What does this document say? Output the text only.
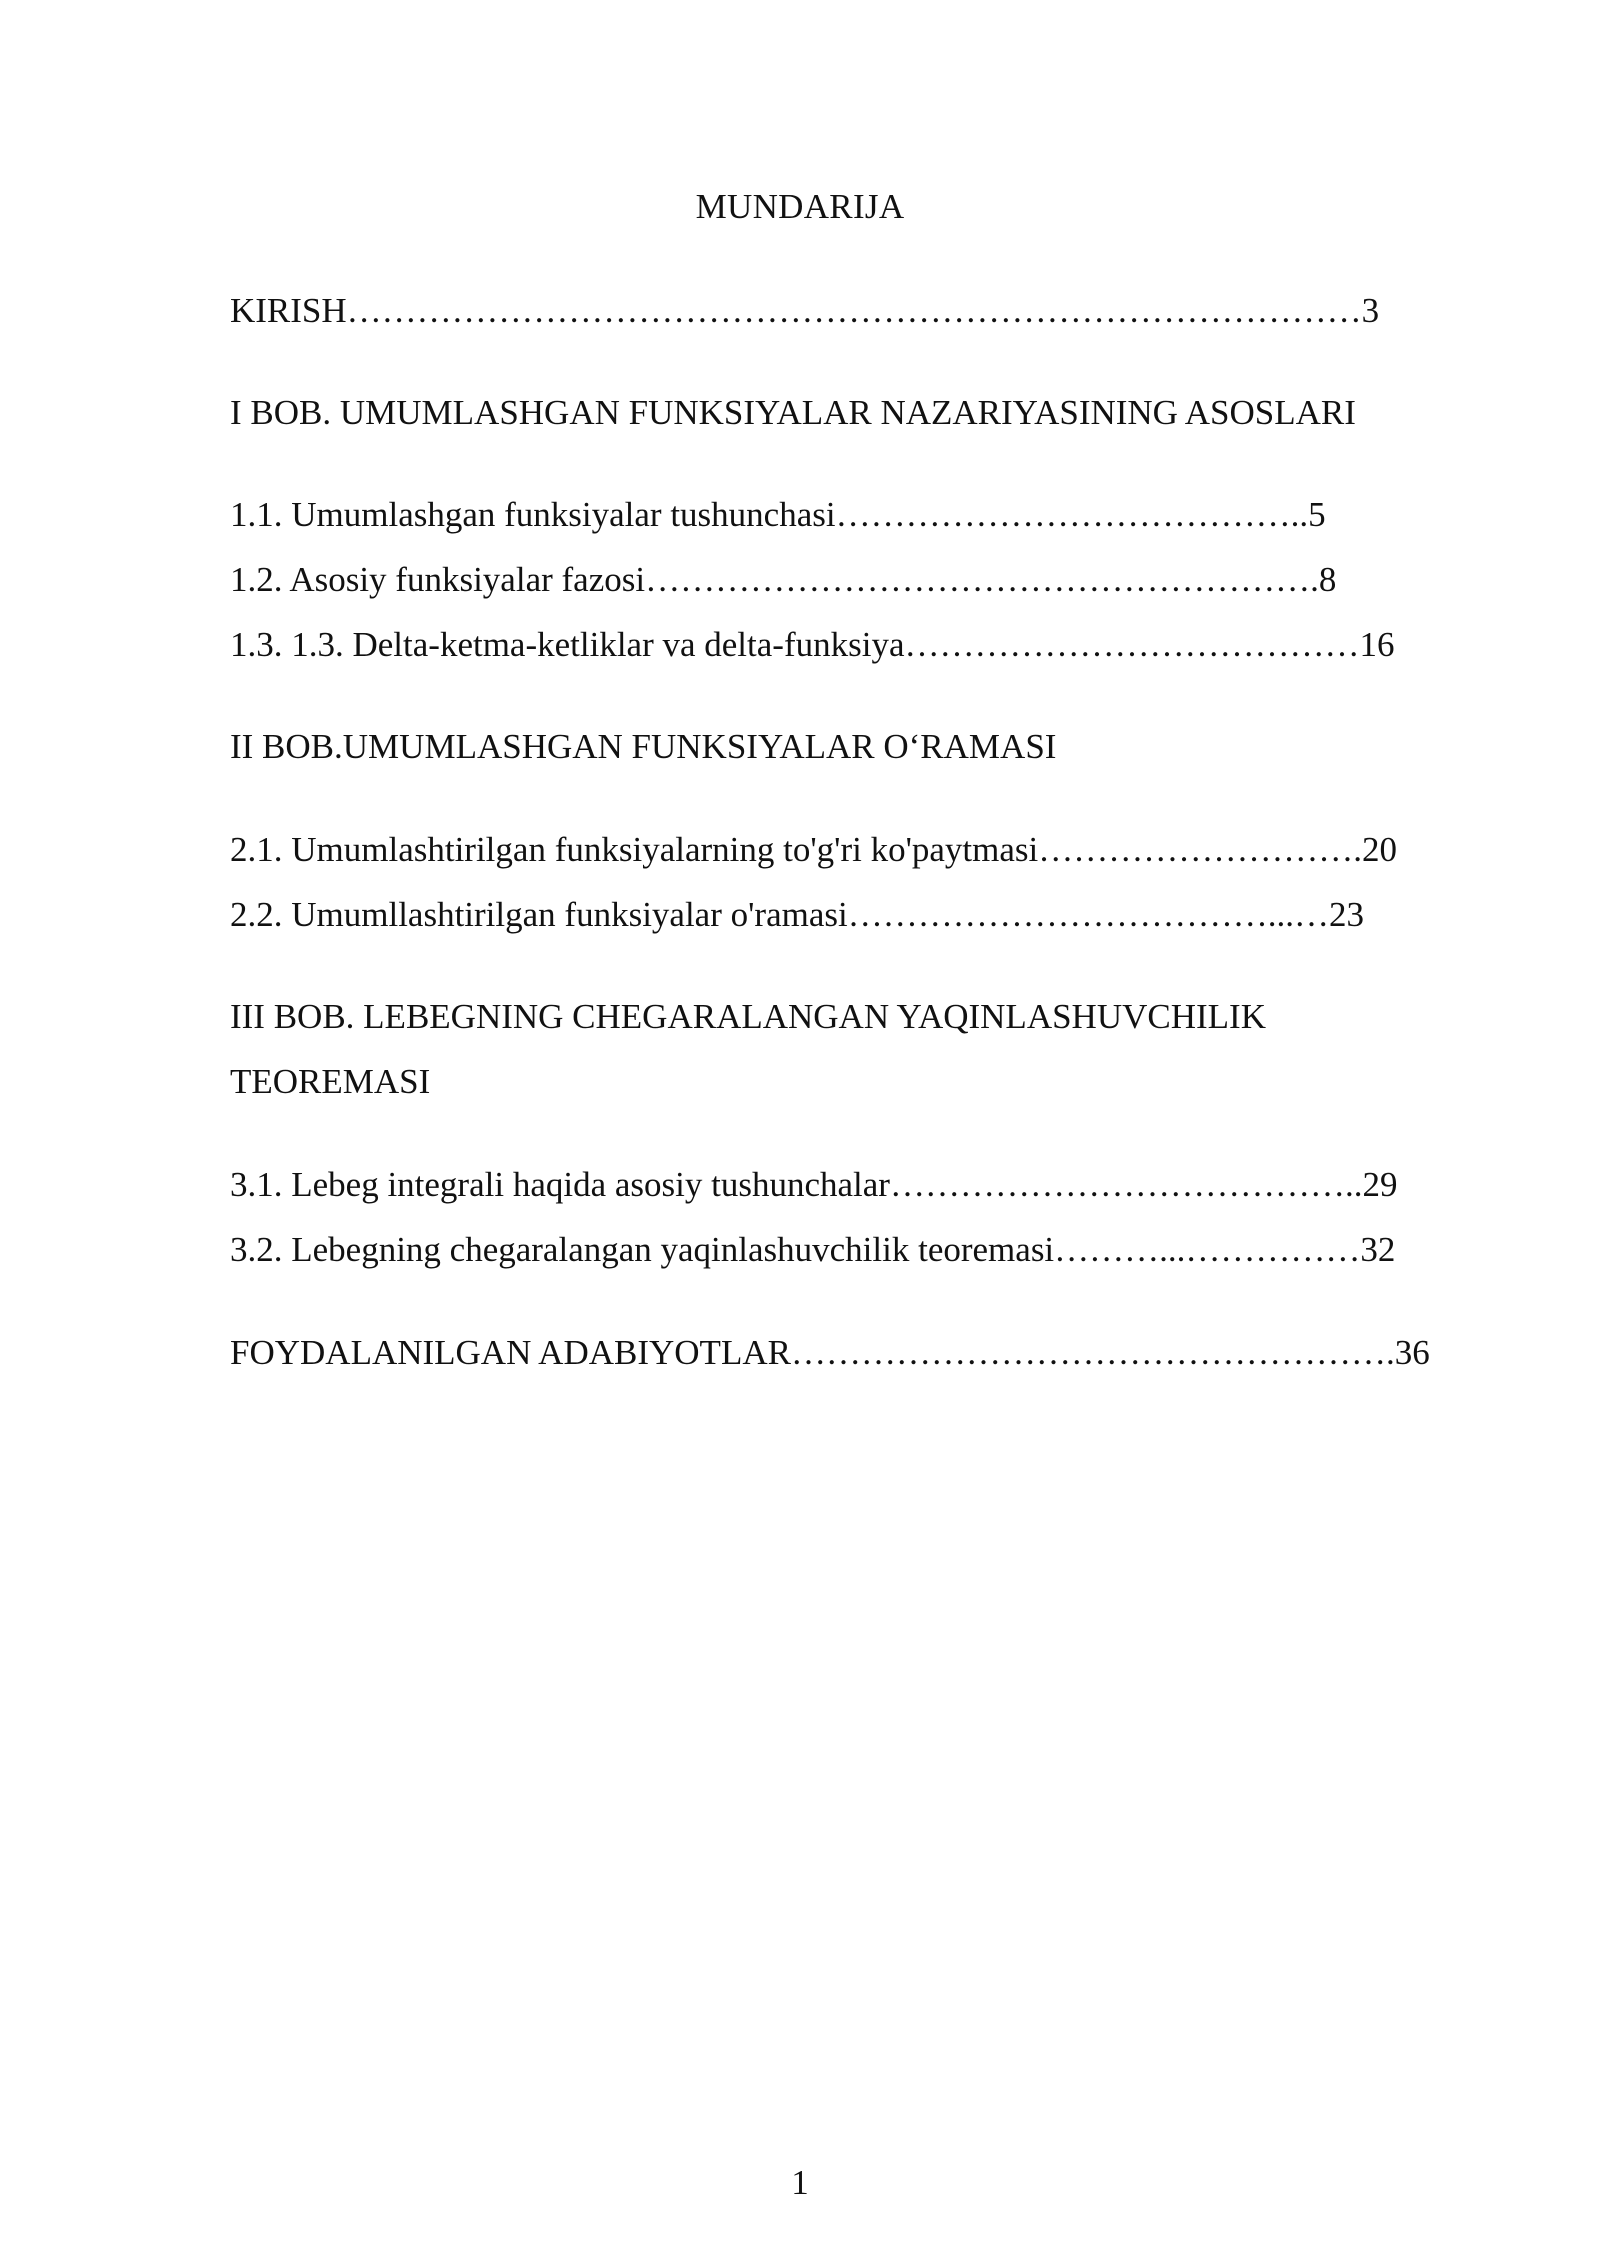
MUNDARIJA
KIRISH……………………………………………………………………………3
I BOB. UMUMLASHGAN FUNKSIYALAR NAZARIYASINING ASOSLARI
1.1. Umumlashgan funksiyalar tushunchasi…………………………………..5
1.2. Asosiy funksiyalar fazosi………………………………………………….8
1.3. 1.3. Delta-ketma-ketliklar va delta-funksiya…………………………………16
II BOB.UMUMLASHGAN FUNKSIYALAR O‘RAMASI
2.1. Umumlashtirilgan funksiyalarning to'g'ri ko'paytmasi……………………….20
2.2. Umumllashtirilgan funksiyalar o'ramasi………………………………...…23
III BOB. LEBEGNING CHEGARALANGAN YAQINLASHUVCHILIK
TEOREMASI
3.1. Lebeg integrali haqida asosiy tushunchalar…………………………………..29
3.2. Lebegning chegaralangan yaqinlashuvchilik teoremasi………...……………32
FOYDALANILGAN ADABIYOTLAR…………………………………………….36
1
